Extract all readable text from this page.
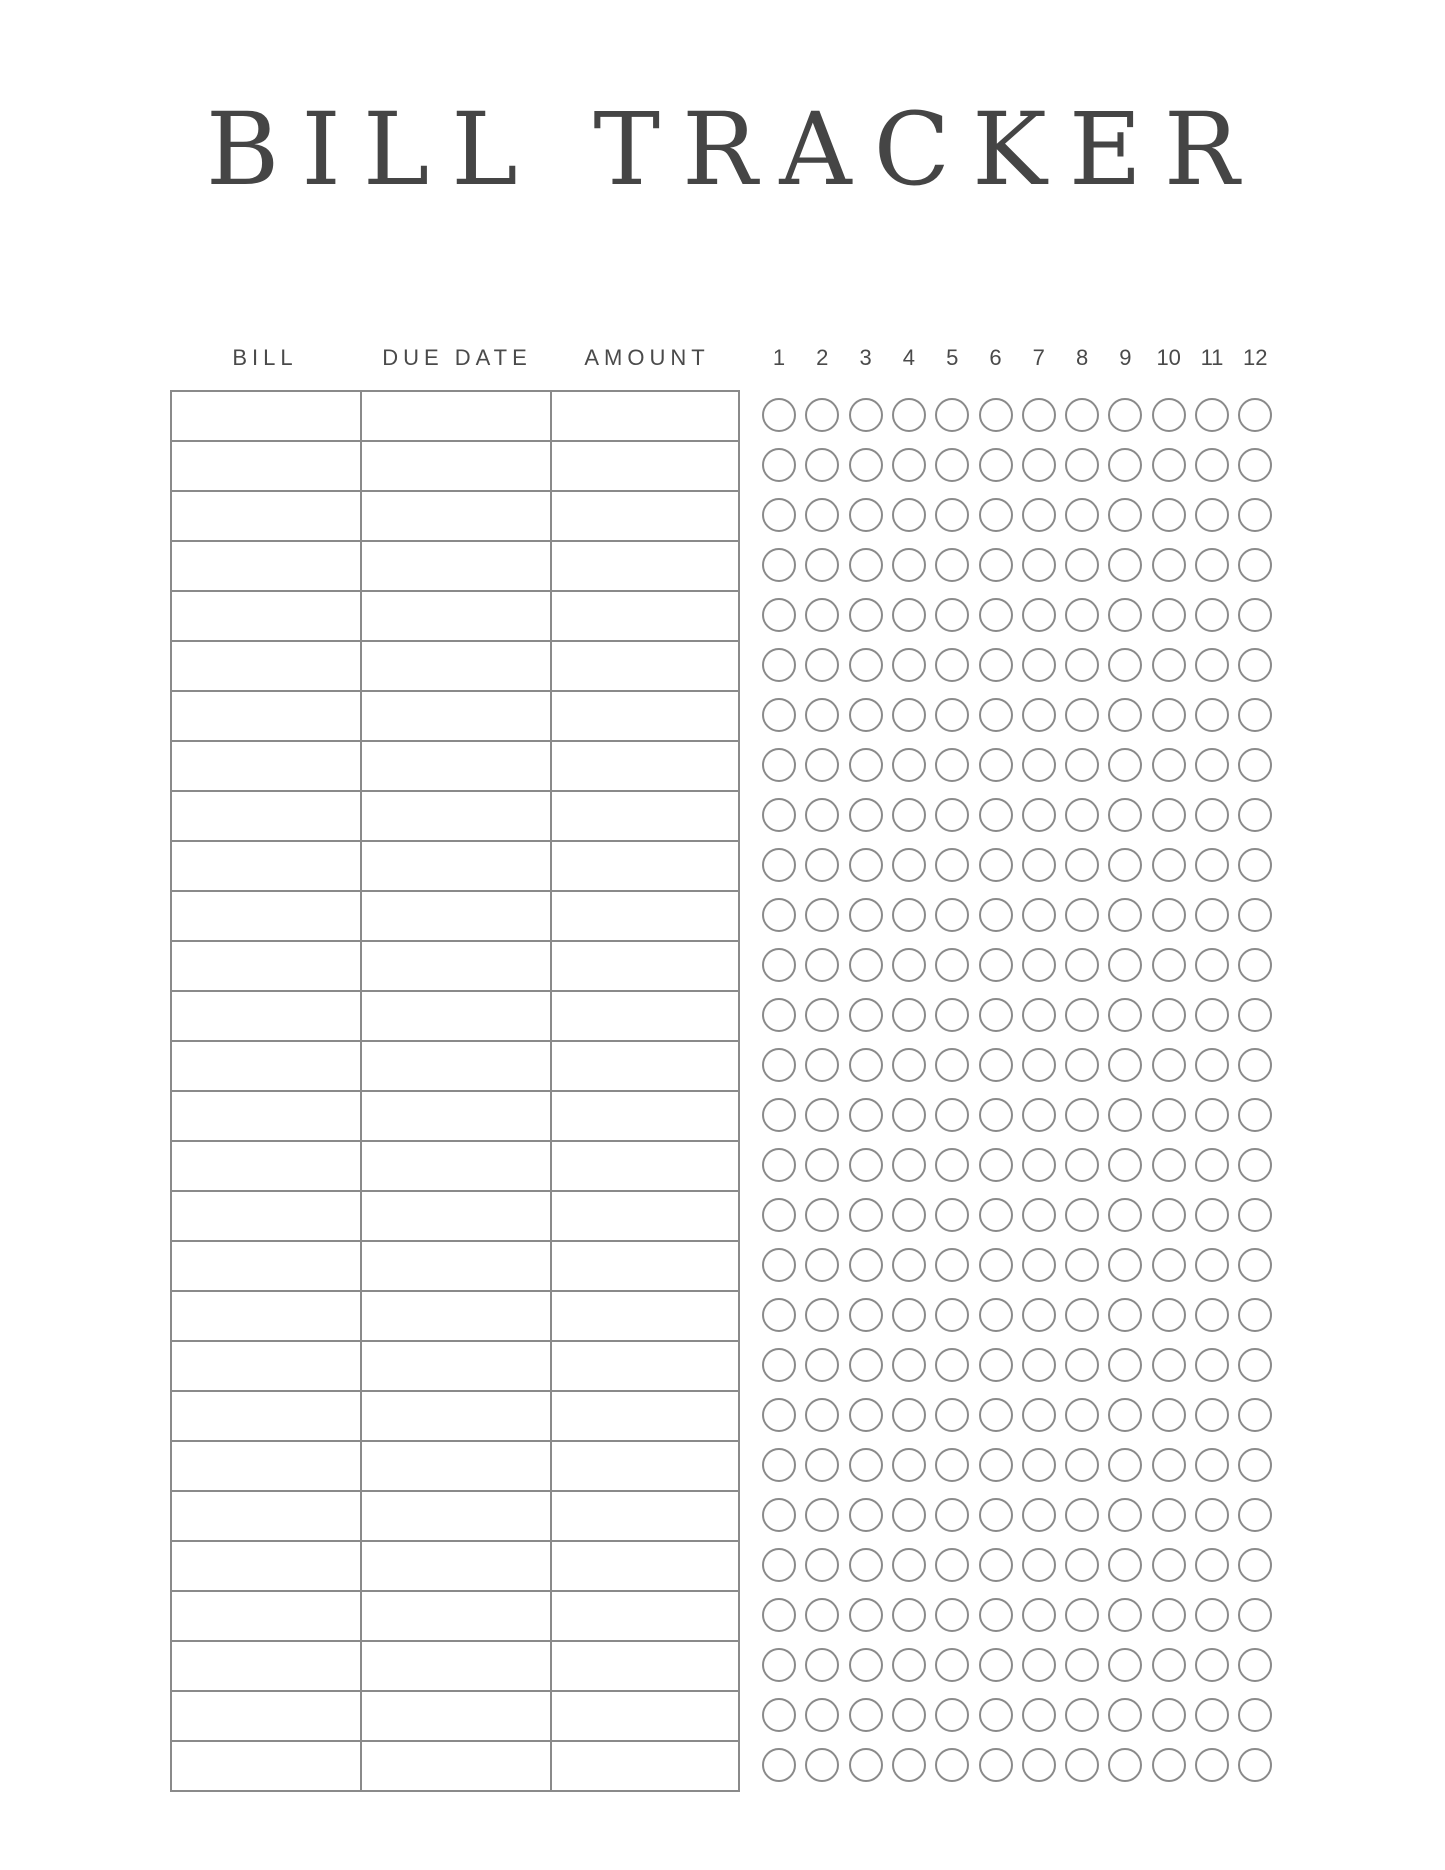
BILL TRACKER
BILL	DUE DATE	AMOUNT	1	2	3	4	5	6	7	8	9	10 11 12
